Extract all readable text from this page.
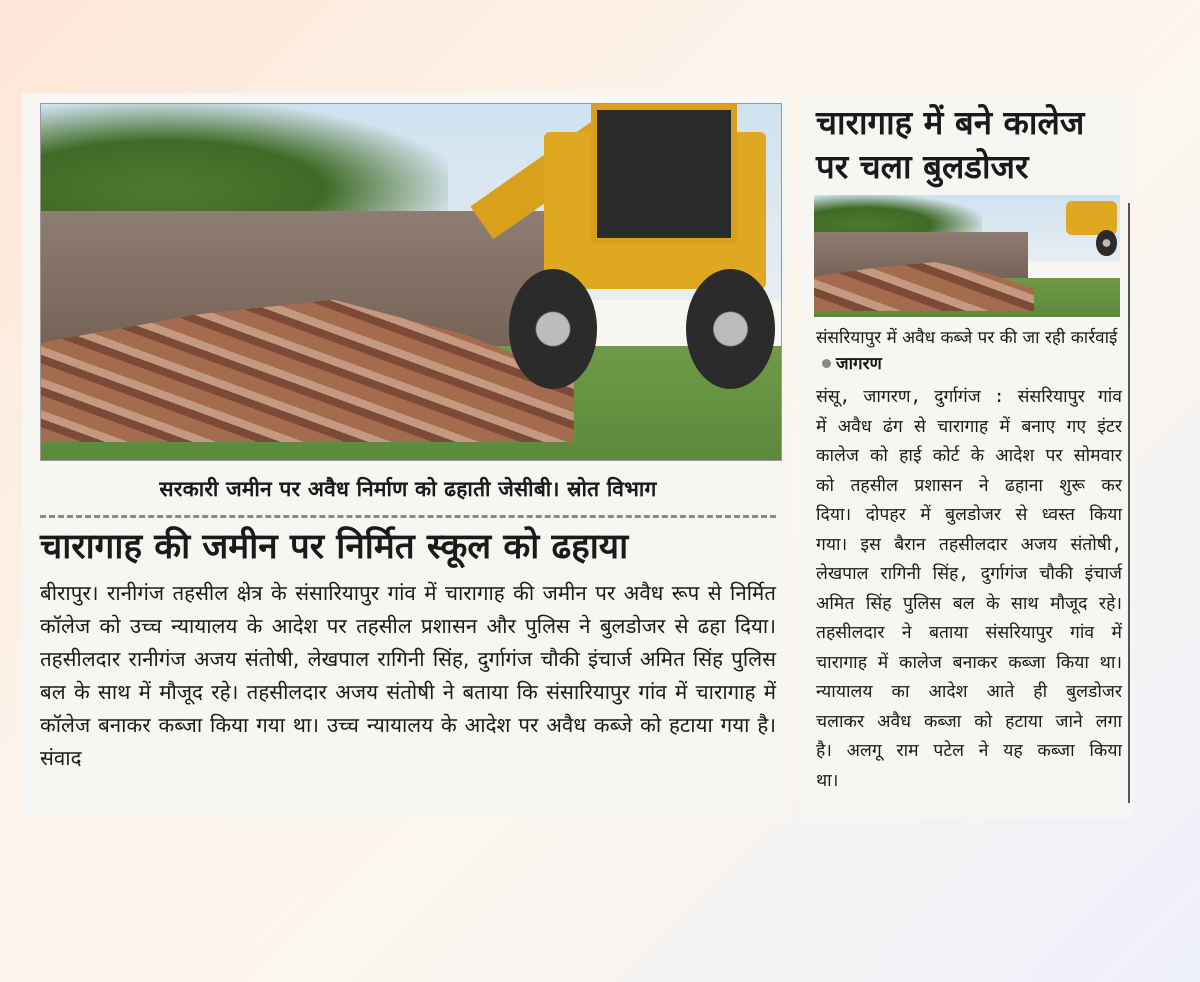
सरकारी जमीन पर अवैध निर्माण को ढहाती जेसीबी। स्रोत विभाग
चारागाह की जमीन पर निर्मित स्कूल को ढहाया

बीरापुर। रानीगंज तहसील क्षेत्र के संसारियापुर गांव में चारागाह की जमीन पर अवैध रूप से निर्मित कॉलेज को उच्च न्यायालय के आदेश पर तहसील प्रशासन और पुलिस ने बुलडोजर से ढहा दिया। तहसीलदार रानीगंज अजय संतोषी, लेखपाल रागिनी सिंह, दुर्गागंज चौकी इंचार्ज अमित सिंह पुलिस बल के साथ में मौजूद रहे। तहसीलदार अजय संतोषी ने बताया कि संसारियापुर गांव में चारागाह में कॉलेज बनाकर कब्जा किया गया था। उच्च न्यायालय के आदेश पर अवैध कब्जे को हटाया गया है। संवाद

चारागाह में बने कालेज पर चला बुलडोजर
संसरियापुर में अवैध कब्जे पर की जा रही कार्रवाईजागरण

संसू, जागरण, दुर्गागंज : संसरियापुर गांव में अवैध ढंग से चारागाह में बनाए गए इंटर कालेज को हाई कोर्ट के आदेश पर सोमवार को तहसील प्रशासन ने ढहाना शुरू कर दिया। दोपहर में बुलडोजर से ध्वस्त किया गया। इस बैरान तहसीलदार अजय संतोषी, लेखपाल रागिनी सिंह, दुर्गागंज चौकी इंचार्ज अमित सिंह पुलिस बल के साथ मौजूद रहे। तहसीलदार ने बताया संसरियापुर गांव में चारागाह में कालेज बनाकर कब्जा किया था। न्यायालय का आदेश आते ही बुलडोजर चलाकर अवैध कब्जा को हटाया जाने लगा है। अलगू राम पटेल ने यह कब्जा किया था।
